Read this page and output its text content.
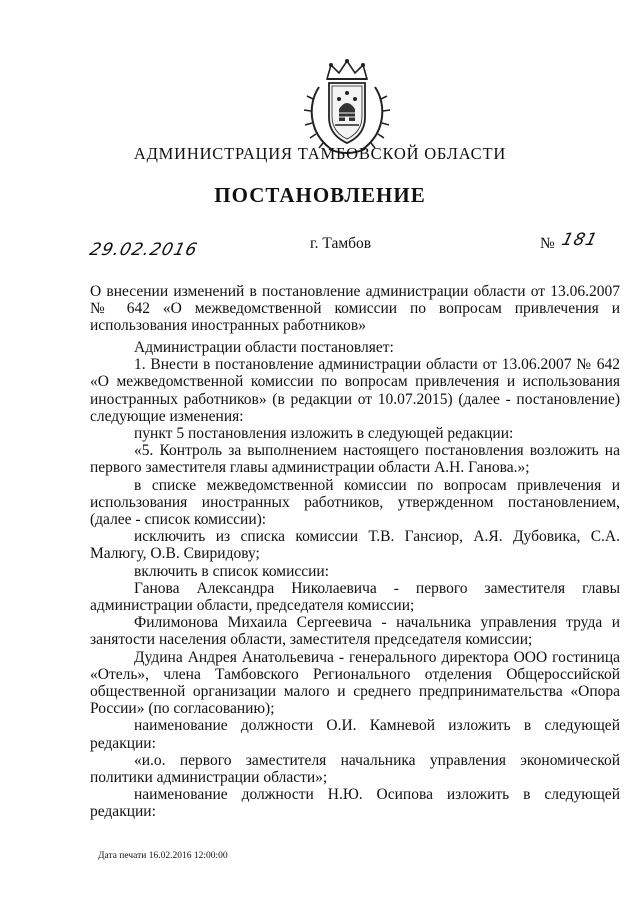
АДМИНИСТРАЦИЯ ТАМБОВСКОЙ ОБЛАСТИ
ПОСТАНОВЛЕНИЕ
29.02.2016	г. Тамбов	№ 181
О внесении изменений в постановление администрации области от 13.06.2007 № 642 «О межведомственной комиссии по вопросам привлечения и использования иностранных работников»

Администрации области постановляет:

1. Внести в постановление администрации области от 13.06.2007 № 642 «О межведомственной комиссии по вопросам привлечения и использования иностранных работников» (в редакции от 10.07.2015) (далее - постановление) следующие изменения:

пункт 5 постановления изложить в следующей редакции:

«5. Контроль за выполнением настоящего постановления возложить на первого заместителя главы администрации области А.Н. Ганова.»;

в списке межведомственной комиссии по вопросам привлечения и использования иностранных работников, утвержденном постановлением, (далее - список комиссии):

исключить из списка комиссии Т.В. Гансиор, А.Я. Дубовика, С.А. Малюгу, О.В. Свиридову;

включить в список комиссии:

Ганова Александра Николаевича - первого заместителя главы администрации области, председателя комиссии;

Филимонова Михаила Сергеевича - начальника управления труда и занятости населения области, заместителя председателя комиссии;

Дудина Андрея Анатольевича - генерального директора ООО гостиница «Отель», члена Тамбовского Регионального отделения Общероссийской общественной организации малого и среднего предпринимательства «Опора России» (по согласованию);

наименование должности О.И. Камневой изложить в следующей редакции:

«и.о. первого заместителя начальника управления экономической политики администрации области»;

наименование должности Н.Ю. Осипова изложить в следующей редакции:

Дата печати 16.02.2016 12:00:00
